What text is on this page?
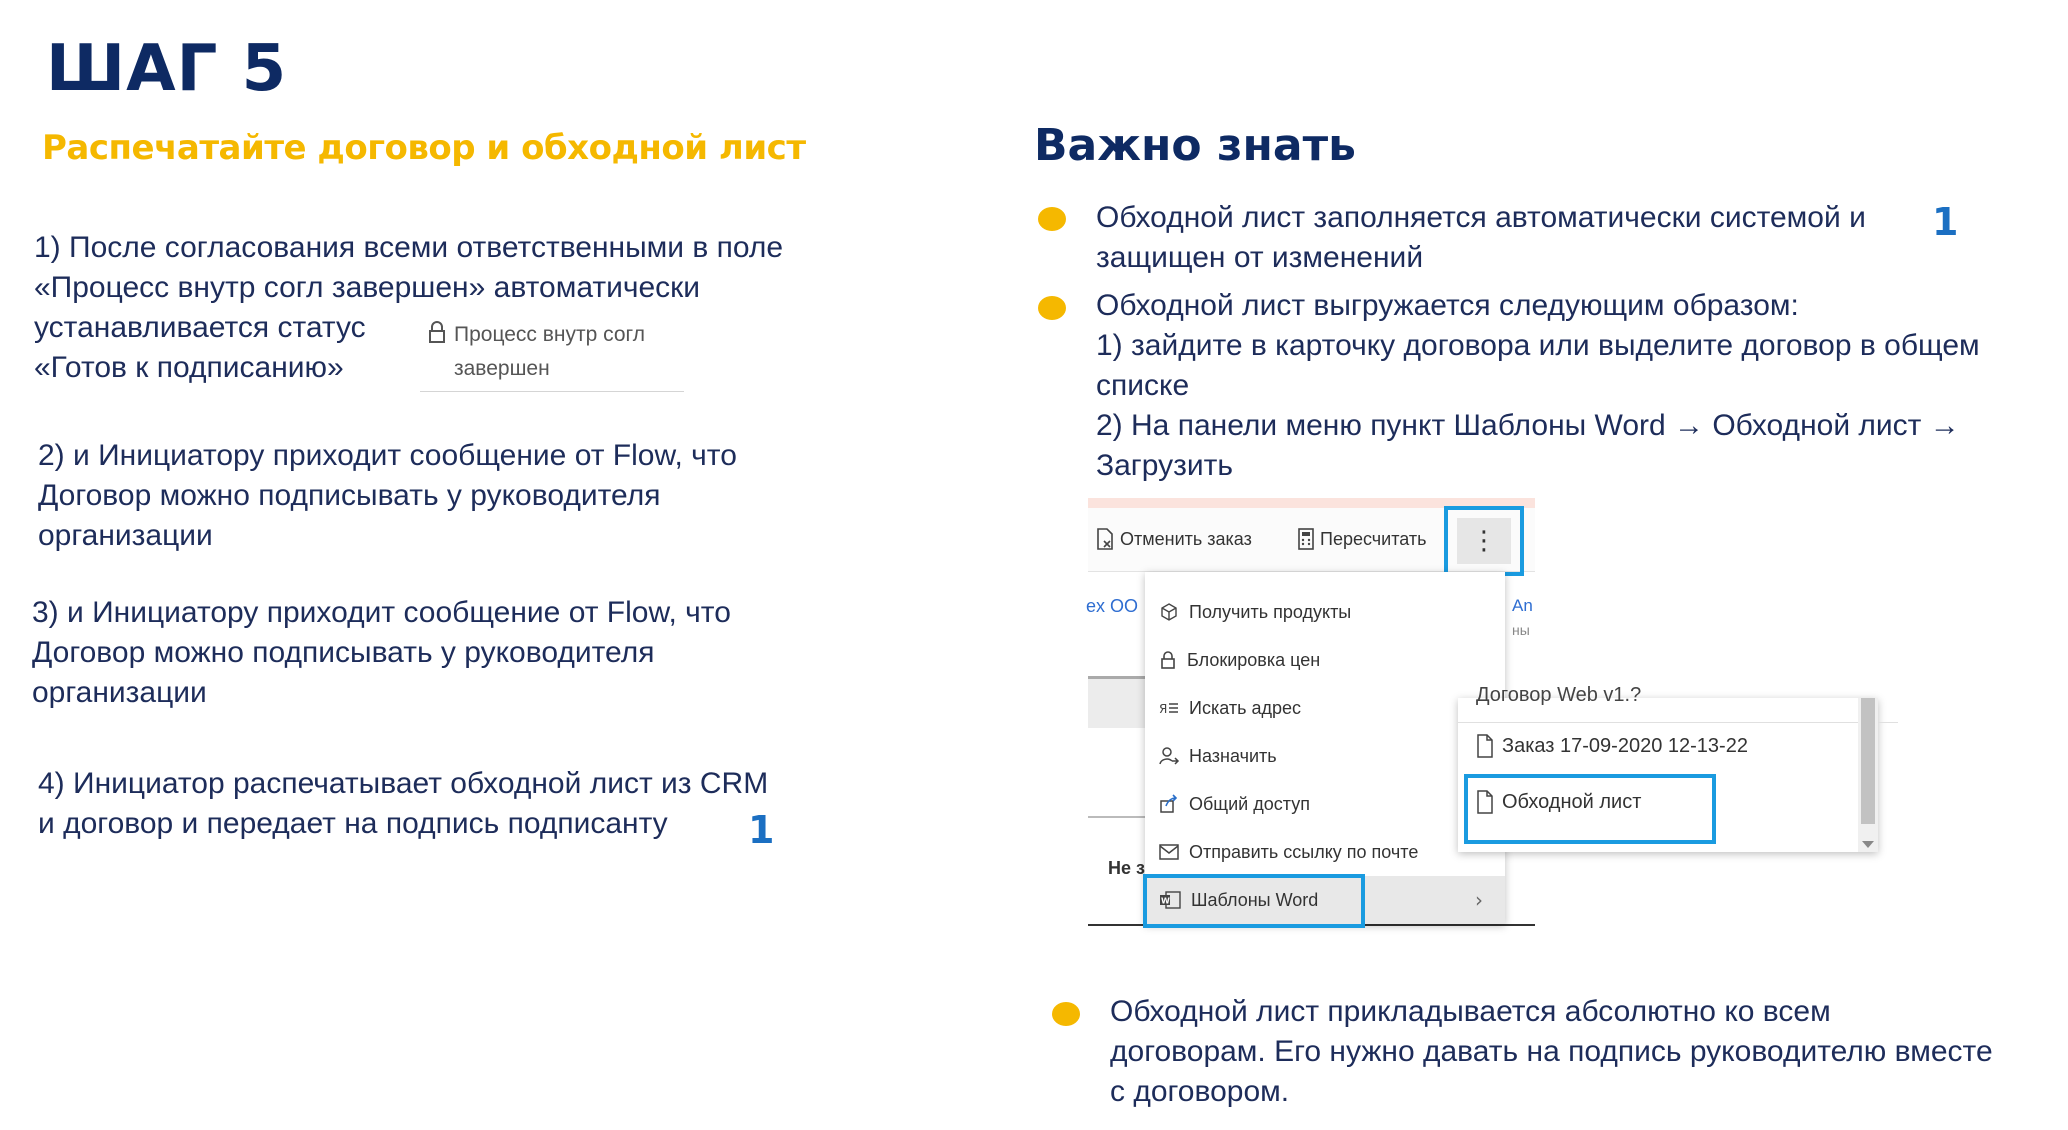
ШАГ 5
Распечатайте договор и обходной лист
1) После согласования всеми ответственными в поле
«Процесс внутр согл завершен» автоматически
устанавливается статус
«Готов к подписанию»
Процесс внутр согл
завершен
2) и Инициатору приходит сообщение от Flow, что
Договор можно подписывать у руководителя
организации
3) и Инициатору приходит сообщение от Flow, что
Договор можно подписывать у руководителя
организации
4) Инициатор распечатывает обходной лист из CRM
и договор и передает на подпись подписанту	1
Важно знать
Обходной лист заполняется автоматически системой и
защищен от изменений
1
Обходной лист выгружается следующим образом:
1) зайдите в карточку договора или выделите договор в общем
списке
2) На панели меню пункт Шаблоны Word → Обходной лист →
Загрузить
Отменить заказ	Пересчитать	⋮
ex OO	An
ны
Не з
Получить продукты
Блокировка цен
Я Искать адрес
Назначить
Общий доступ
Отправить ссылку по почте
W Шаблоны Word	›
Договор Web v1.?
Заказ 17-09-2020 12-13-22
Обходной лист
Обходной лист прикладывается абсолютно ко всем
договорам. Его нужно давать на подпись руководителю вместе
с договором.
